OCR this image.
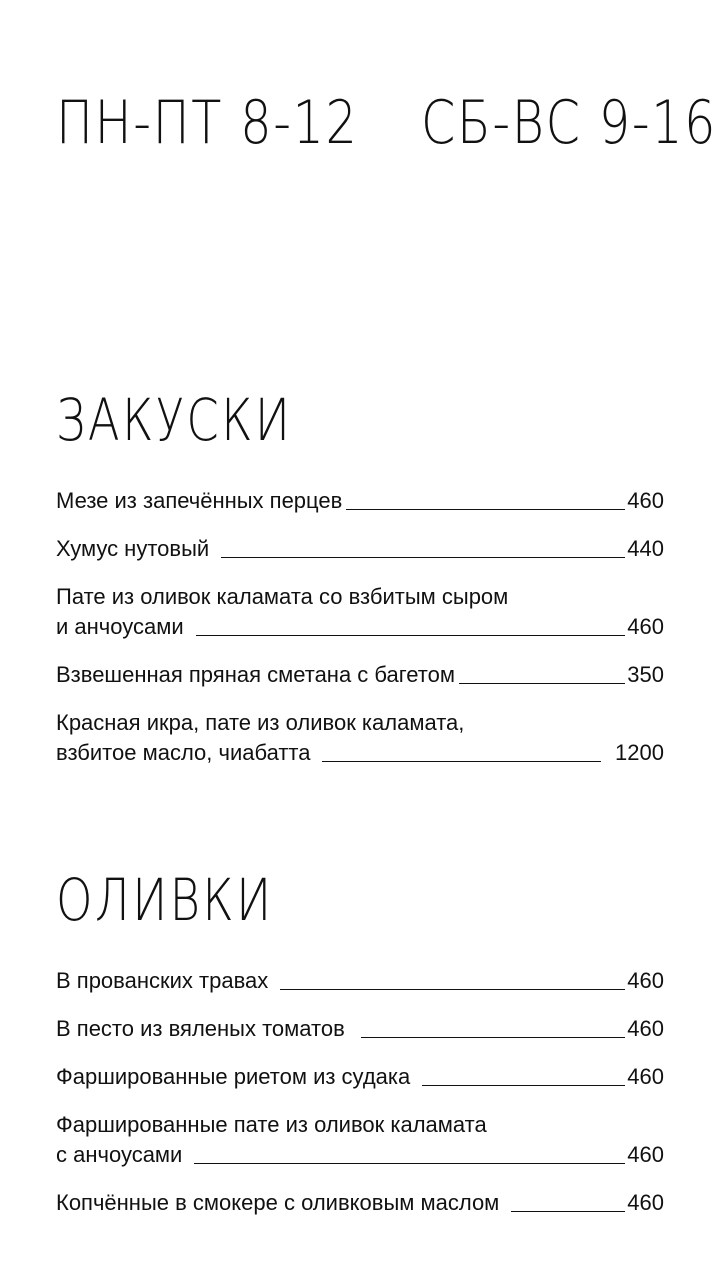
ПН-ПТ 8-12 СБ-ВС 9-16
ЗАКУСКИ
Мезе из запечённых перцев	460
Хумус нутовый	440
Пате из оливок каламата со взбитым сыром
и анчоусами	460
Взвешенная пряная сметана с багетом	350
Красная икра, пате из оливок каламата,
взбитое масло, чиабатта	1200
ОЛИВКИ
В прованских травах	460
В песто из вяленых томатов	460
Фаршированные риетом из судака	460
Фаршированные пате из оливок каламата
с анчоусами	460
Копчённые в смокере с оливковым маслом	460
